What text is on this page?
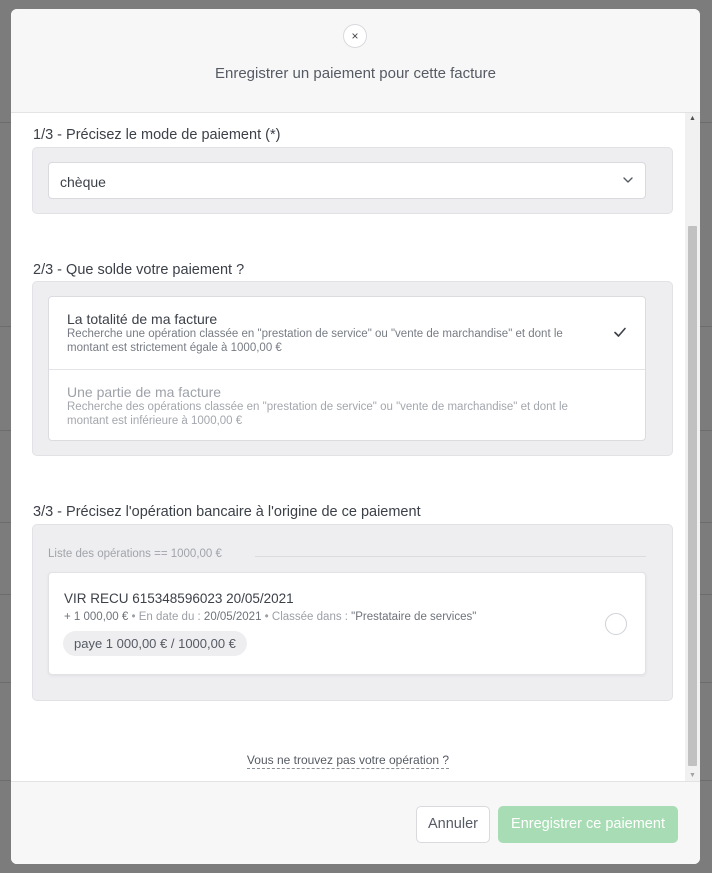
×
Enregistrer un paiement pour cette facture
1/3 - Précisez le mode de paiement (*)
chèque
2/3 - Que solde votre paiement ?
La totalité de ma facture
Recherche une opération classée en "prestation de service" ou "vente de marchandise" et dont le montant est strictement égale à 1000,00 €
Une partie de ma facture
Recherche des opérations classée en "prestation de service" ou "vente de marchandise" et dont le montant est inférieure à 1000,00 €
3/3 - Précisez l'opération bancaire à l'origine de ce paiement
Liste des opérations == 1000,00 €
VIR RECU 615348596023 20/05/2021
+ 1 000,00 € • En date du : 20/05/2021 • Classée dans : "Prestataire de services"
paye 1 000,00 € / 1000,00 €
Vous ne trouvez pas votre opération ?
▲
▼
Annuler	Enregistrer ce paiement
